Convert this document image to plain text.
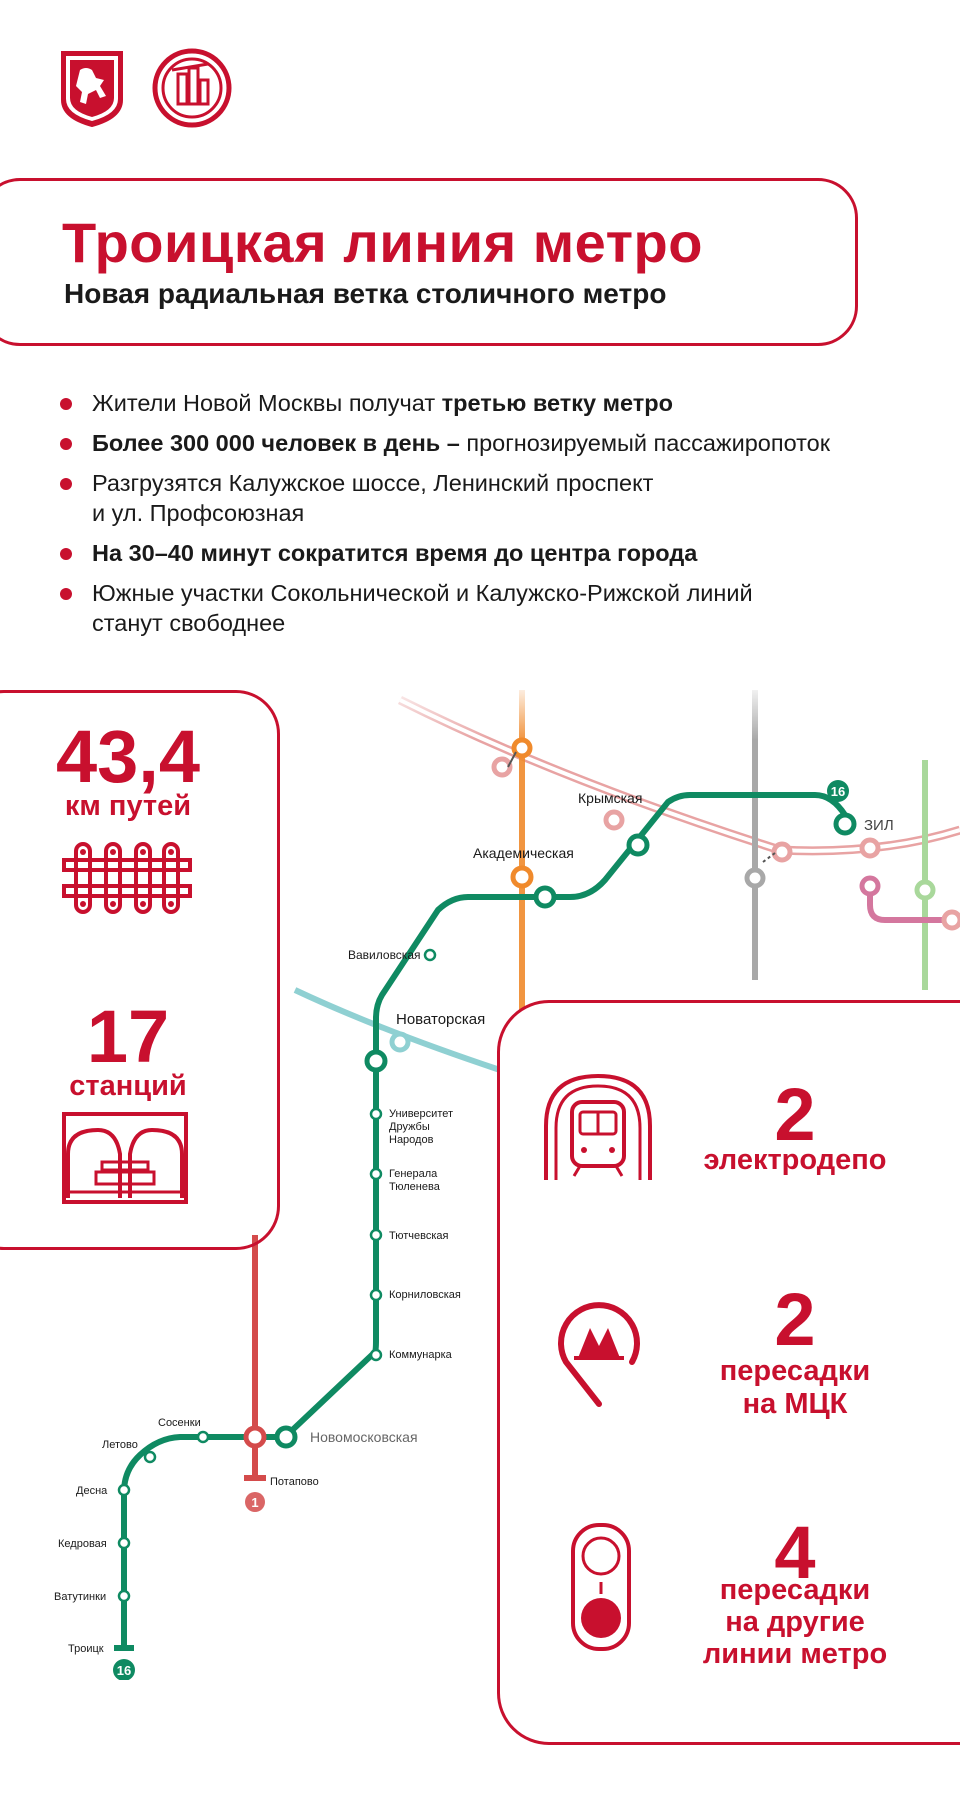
Троицкая линия метро
Новая радиальная ветка столичного метро
Жители Новой Москвы получат третью ветку метро
Более 300 000 человек в день – прогнозируемый пассажиропоток
Разгрузятся Калужское шоссе, Ленинский проспект
и ул. Профсоюзная
На 30–40 минут сократится время до центра города
Южные участки Сокольнической и Калужско-Рижской линий
станут свободнее
16
16
1
Крымская
ЗИЛ
Академическая
Вавиловская
Новаторская
Университет
Дружбы
Народов
Генерала
Тюленева
Тютчевская
Корниловская
Коммунарка
Новомосковская
Потапово
Сосенки
Летово
Десна
Кедровая
Ватутинки
Троицк
43,4
км путей
17
станций	2
электродепо
2
пересадки
на МЦК
4
пересадки
на другие
линии метро
